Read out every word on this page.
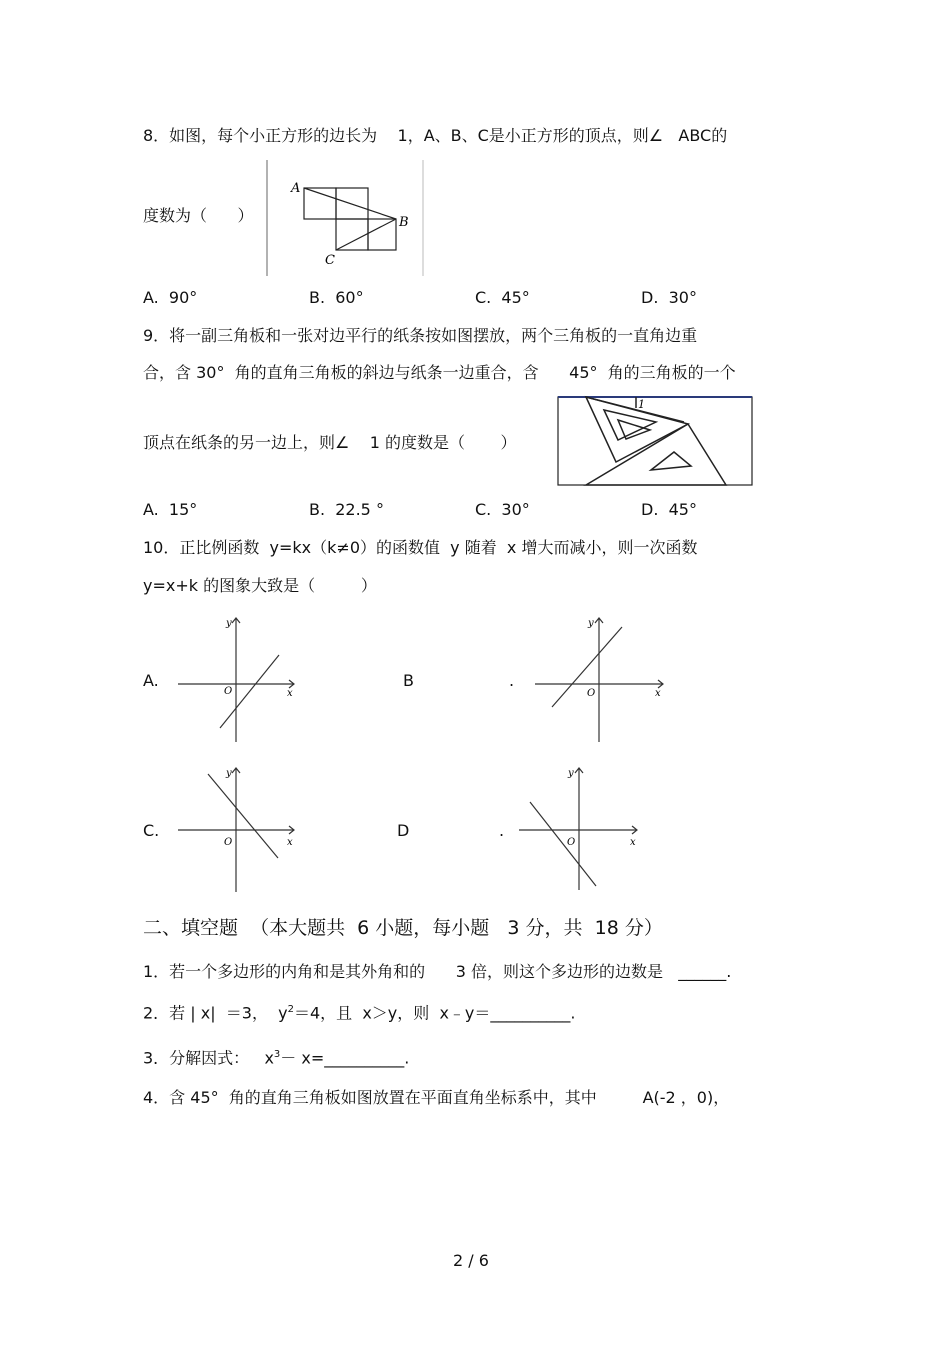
8．如图，每个小正方形的边长为    1，A、B、C是小正方形的顶点，则∠   ABC的
度数为（      ）
A
B
C
A.  90°	B.  60°	C.  45°	D.  30°
9．将一副三角板和一张对边平行的纸条按如图摆放，两个三角板的一直角边重
合，含 30°  角的直角三角板的斜边与纸条一边重合，含      45°  角的三角板的一个
顶点在纸条的另一边上，则∠    1 的度数是（       ）
1
A.  15°	B.  22.5 °	C.  30°	D.  45°
10．正比例函数  y=kx（k≠0）的函数值  y 随着  x 增大而减小，则一次函数
y=x+k 的图象大致是（         ）
A.
y
x
O
B	.
y
x
O
C.
y
x
O
D	.
y
x
O
二、填空题  （本大题共  6 小题，每小题   3 分，共  18 分）
1．若一个多边形的内角和是其外角和的      3 倍，则这个多边形的边数是   ______.
2．若 | x|  ＝3，  $y^2=4$，且  x＞y，则  x﹣y＝__________.
3．分解因式：   $x^3-$ x=__________.
4．含 45°  角的直角三角板如图放置在平面直角坐标系中，其中         A(-2 ，0)，
2 / 6
